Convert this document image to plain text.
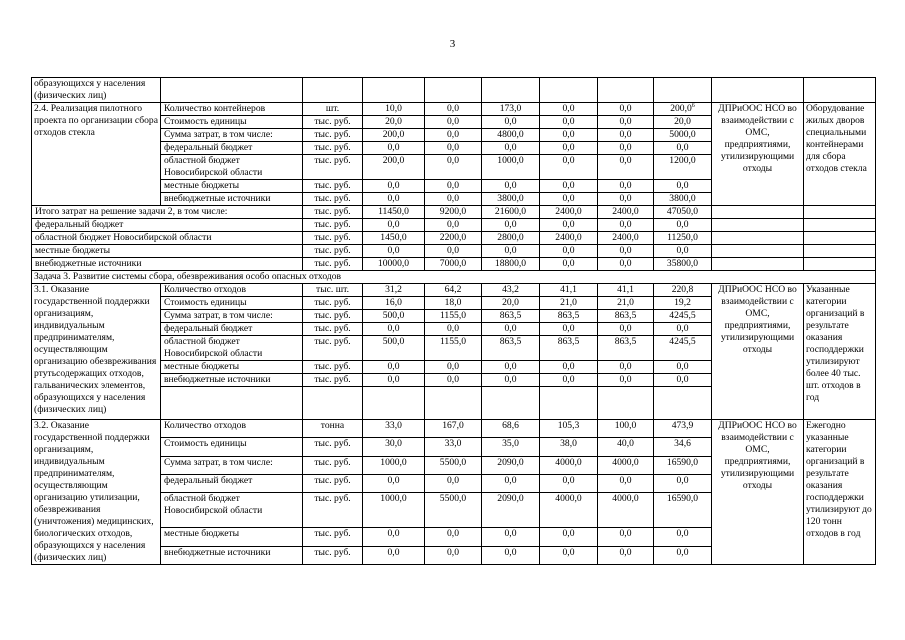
3
образующихся у населения (физических лиц)										
2.4. Реализация пилотного проекта по организации сбора отходов стекла	Количество контейнеров	шт.	10,0	0,0	173,0	0,0	0,0	200,0$^6$	ДПРиООС НСО во взаимодействии с ОМС, предприятиями, утилизирующими отходы	Оборудование жилых дворов специальными контейнерами для сбора отходов стекла
	Стоимость единицы	тыс. руб.	20,0	0,0	0,0	0,0	0,0	20,0		
	Сумма затрат, в том числе:	тыс. руб.	200,0	0,0	4800,0	0,0	0,0	5000,0		
	федеральный бюджет	тыс. руб.	0,0	0,0	0,0	0,0	0,0	0,0		
	областной бюджет Новосибирской области	тыс. руб.	200,0	0,0	1000,0	0,0	0,0	1200,0		
	местные бюджеты	тыс. руб.	0,0	0,0	0,0	0,0	0,0	0,0		
	внебюджетные источники	тыс. руб.	0,0	0,0	3800,0	0,0	0,0	3800,0		
Итого затрат на решение задачи 2, в том числе:		тыс. руб.	11450,0	9200,0	21600,0	2400,0	2400,0	47050,0		
федеральный бюджет		тыс. руб.	0,0	0,0	0,0	0,0	0,0	0,0		
областной бюджет Новосибирской области		тыс. руб.	1450,0	2200,0	2800,0	2400,0	2400,0	11250,0		
местные бюджеты		тыс. руб.	0,0	0,0	0,0	0,0	0,0	0,0		
внебюджетные источники		тыс. руб.	10000,0	7000,0	18800,0	0,0	0,0	35800,0		
Задача 3. Развитие системы сбора, обезвреживания особо опасных отходов										
3.1. Оказание государственной поддержки организациям, индивидуальным предпринимателям, осуществляющим организацию обезвреживания ртутьсодержащих отходов, гальванических элементов, образующихся у населения (физических лиц)	Количество отходов	тыс. шт.	31,2	64,2	43,2	41,1	41,1	220,8	ДПРиООС НСО во взаимодействии с ОМС, предприятиями, утилизирующими отходы	Указанные категории организаций в результате оказания господдержки утилизируют более 40 тыс. шт. отходов в год
	Стоимость единицы	тыс. руб.	16,0	18,0	20,0	21,0	21,0	19,2		
	Сумма затрат, в том числе:	тыс. руб.	500,0	1155,0	863,5	863,5	863,5	4245,5		
	федеральный бюджет	тыс. руб.	0,0	0,0	0,0	0,0	0,0	0,0		
	областной бюджет Новосибирской области	тыс. руб.	500,0	1155,0	863,5	863,5	863,5	4245,5		
	местные бюджеты	тыс. руб.	0,0	0,0	0,0	0,0	0,0	0,0		
	внебюджетные источники	тыс. руб.	0,0	0,0	0,0	0,0	0,0	0,0		

3.2. Оказание государственной поддержки организациям, индивидуальным предпринимателям, осуществляющим организацию утилизации, обезвреживания (уничтожения) медицинских, биологических отходов, образующихся у населения (физических лиц)	Количество отходов	тонна	33,0	167,0	68,6	105,3	100,0	473,9	ДПРиООС НСО во взаимодействии с ОМС, предприятиями, утилизирующими отходы	Ежегодно указанные категории организаций в результате оказания господдержки утилизируют до 120 тонн отходов в год
	Стоимость единицы	тыс. руб.	30,0	33,0	35,0	38,0	40,0	34,6		
	Сумма затрат, в том числе:	тыс. руб.	1000,0	5500,0	2090,0	4000,0	4000,0	16590,0		
	федеральный бюджет	тыс. руб.	0,0	0,0	0,0	0,0	0,0	0,0		
	областной бюджет Новосибирской области	тыс. руб.	1000,0	5500,0	2090,0	4000,0	4000,0	16590,0		
	местные бюджеты	тыс. руб.	0,0	0,0	0,0	0,0	0,0	0,0		
	внебюджетные источники	тыс. руб.	0,0	0,0	0,0	0,0	0,0	0,0		
